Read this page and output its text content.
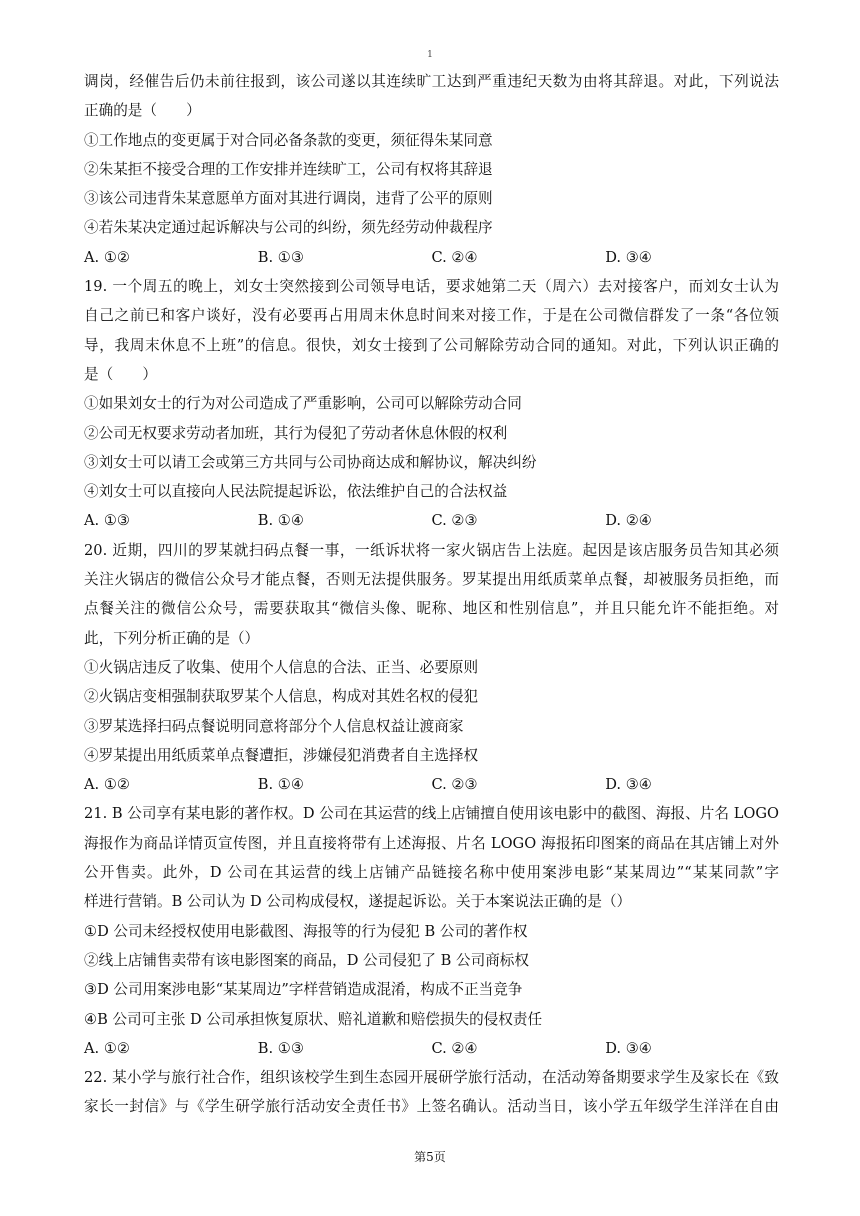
1
调岗，经催告后仍未前往报到，该公司遂以其连续旷工达到严重违纪天数为由将其辞退。对此，下列说法
正确的是（　　）
①工作地点的变更属于对合同必备条款的变更，须征得朱某同意
②朱某拒不接受合理的工作安排并连续旷工，公司有权将其辞退
③该公司违背朱某意愿单方面对其进行调岗，违背了公平的原则
④若朱某决定通过起诉解决与公司的纠纷，须先经劳动仲裁程序
A. ①②	B. ①③	C. ②④	D. ③④
19. 一个周五的晚上，刘女士突然接到公司领导电话，要求她第二天（周六）去对接客户，而刘女士认为
自己之前已和客户谈好，没有必要再占用周末休息时间来对接工作，于是在公司微信群发了一条“各位领
导，我周末休息不上班”的信息。很快，刘女士接到了公司解除劳动合同的通知。对此，下列认识正确的
是（　　）
①如果刘女士的行为对公司造成了严重影响，公司可以解除劳动合同
②公司无权要求劳动者加班，其行为侵犯了劳动者休息休假的权利
③刘女士可以请工会或第三方共同与公司协商达成和解协议，解决纠纷
④刘女士可以直接向人民法院提起诉讼，依法维护自己的合法权益
A. ①③	B. ①④	C. ②③	D. ②④
20. 近期，四川的罗某就扫码点餐一事，一纸诉状将一家火锅店告上法庭。起因是该店服务员告知其必须
关注火锅店的微信公众号才能点餐，否则无法提供服务。罗某提出用纸质菜单点餐，却被服务员拒绝，而
点餐关注的微信公众号，需要获取其“微信头像、昵称、地区和性别信息”，并且只能允许不能拒绝。对
此，下列分析正确的是（）
①火锅店违反了收集、使用个人信息的合法、正当、必要原则
②火锅店变相强制获取罗某个人信息，构成对其姓名权的侵犯
③罗某选择扫码点餐说明同意将部分个人信息权益让渡商家
④罗某提出用纸质菜单点餐遭拒，涉嫌侵犯消费者自主选择权
A. ①②	B. ①④	C. ②③	D. ③④
21. B 公司享有某电影的著作权。D 公司在其运营的线上店铺擅自使用该电影中的截图、海报、片名 LOGO
海报作为商品详情页宣传图，并且直接将带有上述海报、片名 LOGO 海报拓印图案的商品在其店铺上对外
公开售卖。此外，D 公司在其运营的线上店铺产品链接名称中使用案涉电影“某某周边”“某某同款”字
样进行营销。B 公司认为 D 公司构成侵权，遂提起诉讼。关于本案说法正确的是（）
①D 公司未经授权使用电影截图、海报等的行为侵犯 B 公司的著作权
②线上店铺售卖带有该电影图案的商品，D 公司侵犯了 B 公司商标权
③D 公司用案涉电影“某某周边”字样营销造成混淆，构成不正当竞争
④B 公司可主张 D 公司承担恢复原状、赔礼道歉和赔偿损失的侵权责任
A. ①②	B. ①③	C. ②④	D. ③④
22. 某小学与旅行社合作，组织该校学生到生态园开展研学旅行活动，在活动筹备期要求学生及家长在《致
家长一封信》与《学生研学旅行活动安全责任书》上签名确认。活动当日，该小学五年级学生洋洋在自由
第5页
